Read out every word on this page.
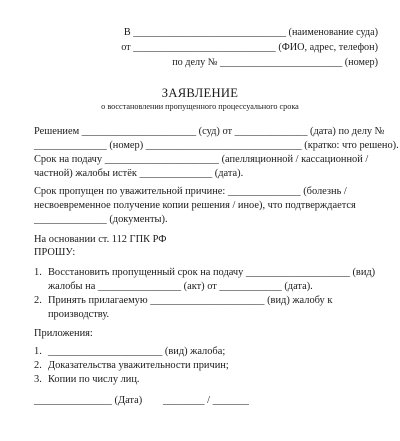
В ______________________________ (наименование суда)
от ____________________________ (ФИО, адрес, телефон)
по делу № ________________________ (номер)
ЗАЯВЛЕНИЕ
о восстановлении пропущенного процессуального срока
Решением ______________________ (суд) от ______________ (дата) по делу №
______________ (номер) ______________________________ (кратко: что решено).
Срок на подачу ______________________ (апелляционной / кассационной /
частной) жалобы истёк ______________ (дата).
Срок пропущен по уважительной причине: ______________ (болезнь /
несвоевременное получение копии решения / иное), что подтверждается
______________ (документы).
На основании ст. 112 ГПК РФ
ПРОШУ:
1. Восстановить пропущенный срок на подачу ____________________ (вид)
жалобы на ________________ (акт) от ____________ (дата).
2. Принять прилагаемую ______________________ (вид) жалобу к
производству.
Приложения:
1. ______________________ (вид) жалоба;
2. Доказательства уважительности причин;
3. Копии по числу лиц.
_______________ (Дата)        ________ / _______
